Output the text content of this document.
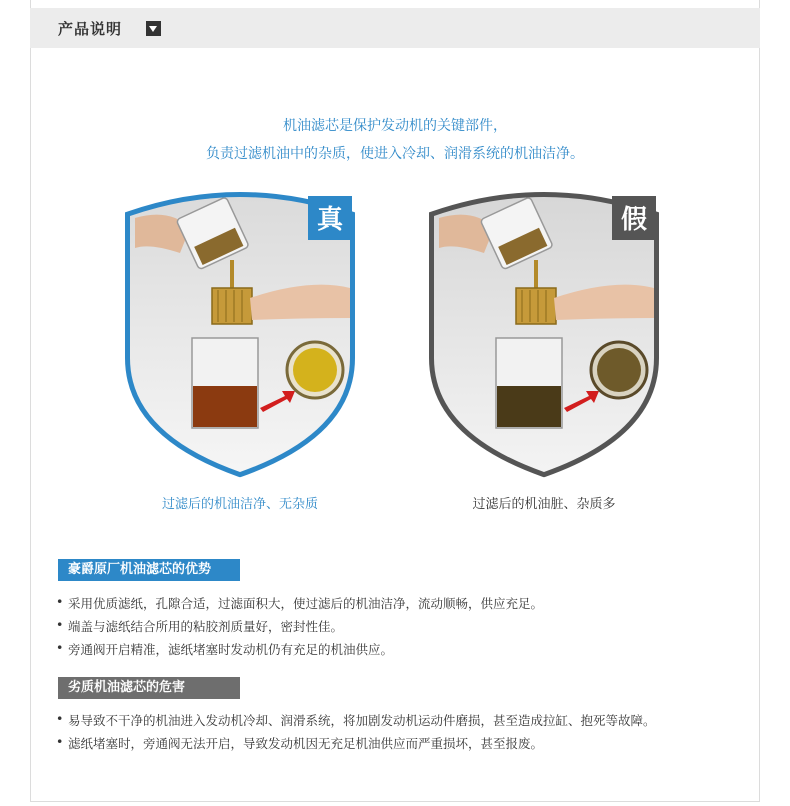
产品说明
机油滤芯是保护发动机的关键部件，
负责过滤机油中的杂质，使进入冷却、润滑系统的机油洁净。
真	假
过滤后的机油洁净、无杂质	过滤后的机油脏、杂质多
豪爵原厂机油滤芯的优势
• 采用优质滤纸，孔隙合适，过滤面积大，使过滤后的机油洁净，流动顺畅，供应充足。
• 端盖与滤纸结合所用的粘胶剂质量好，密封性佳。
• 旁通阀开启精准，滤纸堵塞时发动机仍有充足的机油供应。
劣质机油滤芯的危害
• 易导致不干净的机油进入发动机冷却、润滑系统，将加剧发动机运动件磨损，甚至造成拉缸、抱死等故障。
• 滤纸堵塞时，旁通阀无法开启，导致发动机因无充足机油供应而严重损坏，甚至报废。
